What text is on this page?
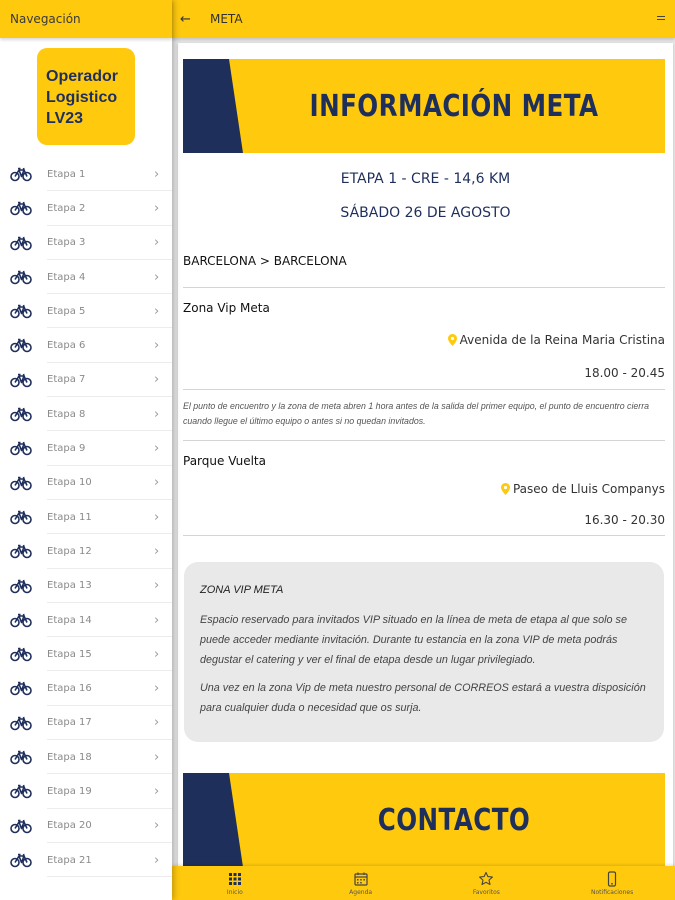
Navegación
Operador
Logistico
LV23
Etapa 1	›
Etapa 2	›
Etapa 3	›
Etapa 4	›
Etapa 5	›
Etapa 6	›
Etapa 7	›
Etapa 8	›
Etapa 9	›
Etapa 10	›
Etapa 11	›
Etapa 12	›
Etapa 13	›
Etapa 14	›
Etapa 15	›
Etapa 16	›
Etapa 17	›
Etapa 18	›
Etapa 19	›
Etapa 20	›
Etapa 21	›
← META
INFORMACIÓN META
ETAPA 1 - CRE - 14,6 KM
SÁBADO 26 DE AGOSTO
BARCELONA > BARCELONA
Zona Vip Meta
Avenida de la Reina Maria Cristina
18.00 - 20.45
El punto de encuentro y la zona de meta abren 1 hora antes de la salida del primer equipo, el punto de encuentro cierra cuando llegue el último equipo o antes si no quedan invitados.
Parque Vuelta
Paseo de Lluis Companys
16.30 - 20.30
ZONA VIP META

Espacio reservado para invitados VIP situado en la línea de meta de etapa al que solo se puede acceder mediante invitación. Durante tu estancia en la zona VIP de meta podrás degustar el catering y ver el final de etapa desde un lugar privilegiado.

Una vez en la zona Vip de meta nuestro personal de CORREOS estará a vuestra disposición para cualquier duda o necesidad que os surja.

CONTACTO
Inicio	Agenda	Favoritos	Notificaciones
